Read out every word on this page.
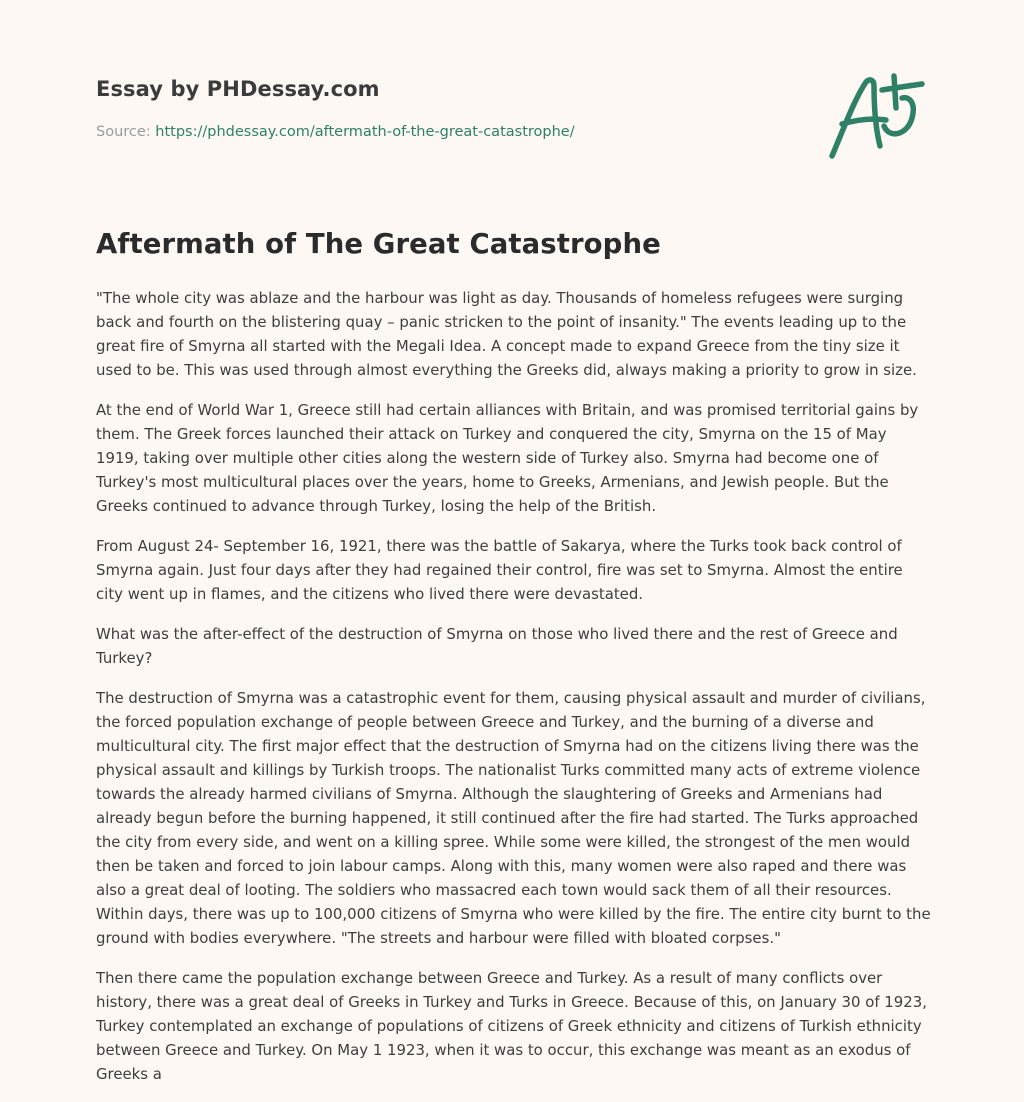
Essay by PHDessay.com

Source: https://phdessay.com/aftermath-of-the-great-catastrophe/

Aftermath of The Great Catastrophe

"The whole city was ablaze and the harbour was light as day. Thousands of homeless refugees were surging back and fourth on the blistering quay – panic stricken to the point of insanity." The events leading up to the great fire of Smyrna all started with the Megali Idea. A concept made to expand Greece from the tiny size it used to be. This was used through almost everything the Greeks did, always making a priority to grow in size.

At the end of World War 1, Greece still had certain alliances with Britain, and was promised territorial gains by them. The Greek forces launched their attack on Turkey and conquered the city, Smyrna on the 15 of May 1919, taking over multiple other cities along the western side of Turkey also. Smyrna had become one of Turkey's most multicultural places over the years, home to Greeks, Armenians, and Jewish people. But the Greeks continued to advance through Turkey, losing the help of the British.

From August 24- September 16, 1921, there was the battle of Sakarya, where the Turks took back control of Smyrna again. Just four days after they had regained their control, fire was set to Smyrna. Almost the entire city went up in flames, and the citizens who lived there were devastated.

What was the after-effect of the destruction of Smyrna on those who lived there and the rest of Greece and Turkey?

The destruction of Smyrna was a catastrophic event for them, causing physical assault and murder of civilians, the forced population exchange of people between Greece and Turkey, and the burning of a diverse and multicultural city. The first major effect that the destruction of Smyrna had on the citizens living there was the physical assault and killings by Turkish troops. The nationalist Turks committed many acts of extreme violence towards the already harmed civilians of Smyrna. Although the slaughtering of Greeks and Armenians had already begun before the burning happened, it still continued after the fire had started. The Turks approached the city from every side, and went on a killing spree. While some were killed, the strongest of the men would then be taken and forced to join labour camps. Along with this, many women were also raped and there was also a great deal of looting. The soldiers who massacred each town would sack them of all their resources. Within days, there was up to 100,000 citizens of Smyrna who were killed by the fire. The entire city burnt to the ground with bodies everywhere. "The streets and harbour were filled with bloated corpses."

Then there came the population exchange between Greece and Turkey. As a result of many conflicts over history, there was a great deal of Greeks in Turkey and Turks in Greece. Because of this, on January 30 of 1923, Turkey contemplated an exchange of populations of citizens of Greek ethnicity and citizens of Turkish ethnicity between Greece and Turkey. On May 1 1923, when it was to occur, this exchange was meant as an exodus of Greeks a
